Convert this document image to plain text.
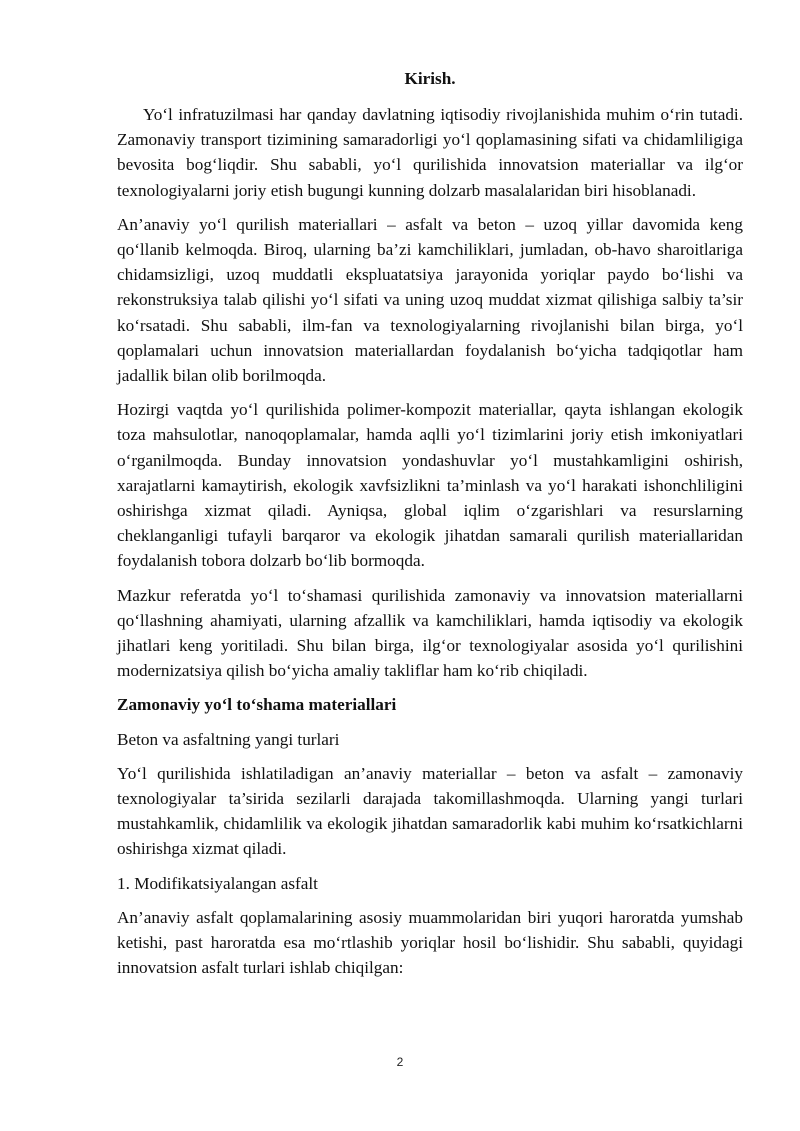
Kirish.

Yo‘l infratuzilmasi har qanday davlatning iqtisodiy rivojlanishida muhim o‘rin tutadi. Zamonaviy transport tizimining samaradorligi yo‘l qoplamasining sifati va chidamliligiga bevosita bog‘liqdir. Shu sababli, yo‘l qurilishida innovatsion materiallar va ilg‘or texnologiyalarni joriy etish bugungi kunning dolzarb masalalaridan biri hisoblanadi.

An’anaviy yo‘l qurilish materiallari – asfalt va beton – uzoq yillar davomida keng qo‘llanib kelmoqda. Biroq, ularning ba’zi kamchiliklari, jumladan, ob-havo sharoitlariga chidamsizligi, uzoq muddatli ekspluatatsiya jarayonida yoriqlar paydo bo‘lishi va rekonstruksiya talab qilishi yo‘l sifati va uning uzoq muddat xizmat qilishiga salbiy ta’sir ko‘rsatadi. Shu sababli, ilm-fan va texnologiyalarning rivojlanishi bilan birga, yo‘l qoplamalari uchun innovatsion materiallardan foydalanish bo‘yicha tadqiqotlar ham jadallik bilan olib borilmoqda.

Hozirgi vaqtda yo‘l qurilishida polimer-kompozit materiallar, qayta ishlangan ekologik toza mahsulotlar, nanoqoplamalar, hamda aqlli yo‘l tizimlarini joriy etish imkoniyatlari o‘rganilmoqda. Bunday innovatsion yondashuvlar yo‘l mustahkamligini oshirish, xarajatlarni kamaytirish, ekologik xavfsizlikni ta’minlash va yo‘l harakati ishonchliligini oshirishga xizmat qiladi. Ayniqsa, global iqlim o‘zgarishlari va resurslarning cheklanganligi tufayli barqaror va ekologik jihatdan samarali qurilish materiallaridan foydalanish tobora dolzarb bo‘lib bormoqda.

Mazkur referatda yo‘l to‘shamasi qurilishida zamonaviy va innovatsion materiallarni qo‘llashning ahamiyati, ularning afzallik va kamchiliklari, hamda iqtisodiy va ekologik jihatlari keng yoritiladi. Shu bilan birga, ilg‘or texnologiyalar asosida yo‘l qurilishini modernizatsiya qilish bo‘yicha amaliy takliflar ham ko‘rib chiqiladi.

Zamonaviy yo‘l to‘shama materiallari

Beton va asfaltning yangi turlari

Yo‘l qurilishida ishlatiladigan an’anaviy materiallar – beton va asfalt – zamonaviy texnologiyalar ta’sirida sezilarli darajada takomillashmoqda. Ularning yangi turlari mustahkamlik, chidamlilik va ekologik jihatdan samaradorlik kabi muhim ko‘rsatkichlarni oshirishga xizmat qiladi.

1. Modifikatsiyalangan asfalt

An’anaviy asfalt qoplamalarining asosiy muammolaridan biri yuqori haroratda yumshab ketishi, past haroratda esa mo‘rtlashib yoriqlar hosil bo‘lishidir. Shu sababli, quyidagi innovatsion asfalt turlari ishlab chiqilgan:

2
